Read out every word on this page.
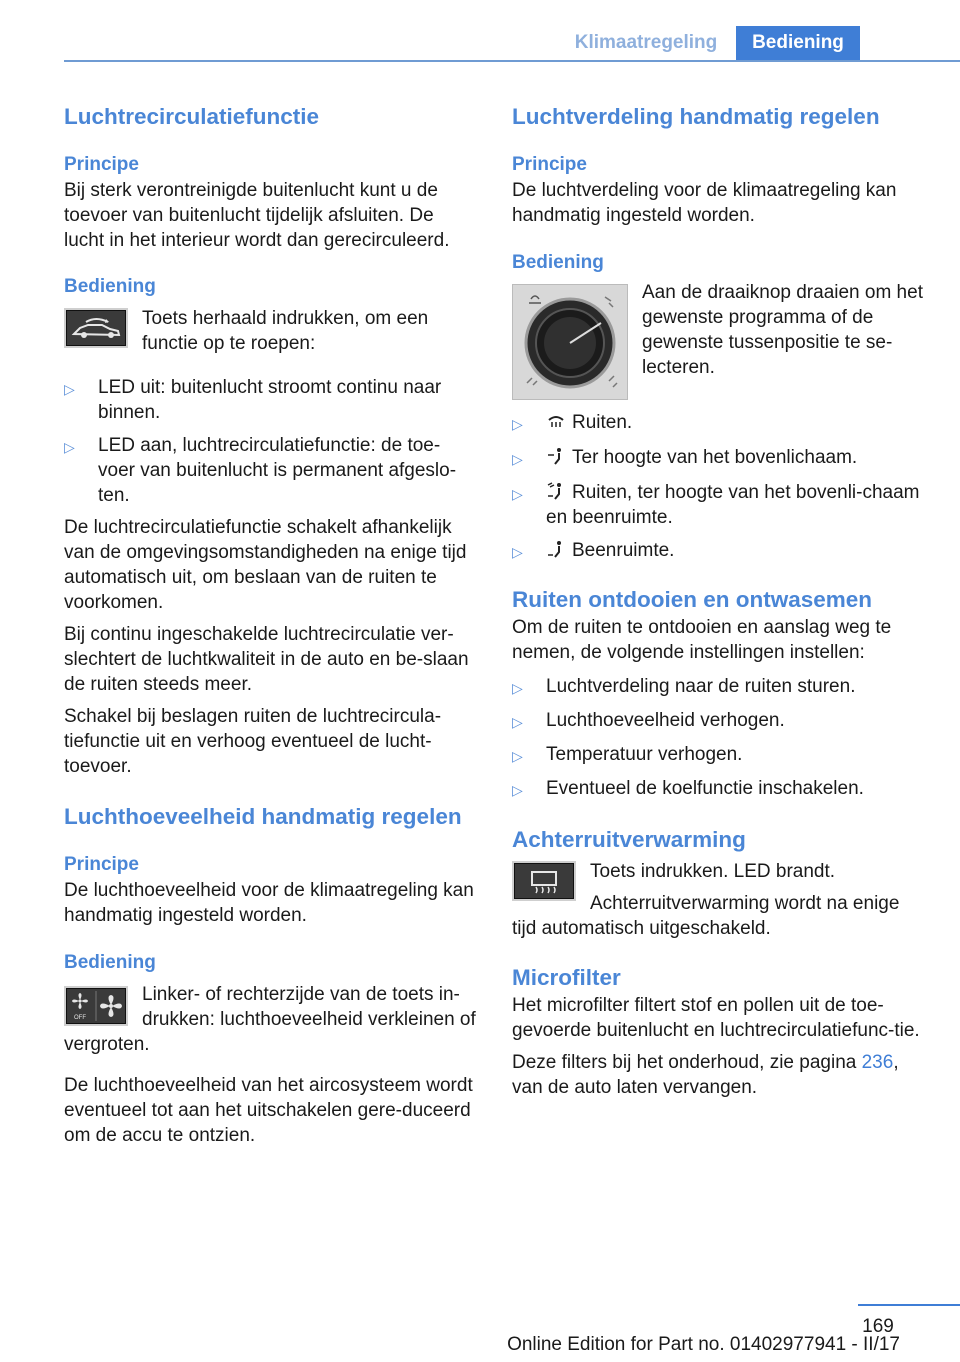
Klimaatregeling	Bediening
Luchtrecirculatiefunctie
Principe

Bij sterk verontreinigde buitenlucht kunt u de toevoer van buitenlucht tijdelijk afsluiten. De lucht in het interieur wordt dan gerecirculeerd.

Bediening

Toets herhaald indrukken, om een functie op te roepen:

▷	LED uit: buitenlucht stroomt continu naar binnen.
▷	LED aan, luchtrecirculatiefunctie: de toe-voer van buitenlucht is permanent afgeslo-ten.

De luchtrecirculatiefunctie schakelt afhankelijk van de omgevingsomstandigheden na enige tijd automatisch uit, om beslaan van de ruiten te voorkomen.

Bij continu ingeschakelde luchtrecirculatie ver-slechtert de luchtkwaliteit in de auto en be-slaan de ruiten steeds meer.

Schakel bij beslagen ruiten de luchtrecircula-tiefunctie uit en verhoog eventueel de lucht-toevoer.

Luchthoeveelheid handmatig regelen
Principe

De luchthoeveelheid voor de klimaatregeling kan handmatig ingesteld worden.

Bediening
OFF

Linker- of rechterzijde van de toets in-drukken: luchthoeveelheid verkleinen of vergroten.

De luchthoeveelheid van het aircosysteem wordt eventueel tot aan het uitschakelen gere-duceerd om de accu te ontzien.

Luchtverdeling handmatig regelen
Principe

De luchtverdeling voor de klimaatregeling kan handmatig ingesteld worden.

Bediening

Aan de draaiknop draaien om het gewenste programma of de gewenste tussenpositie te se-lecteren.

▷	Ruiten.
▷	Ter hoogte van het bovenlichaam.
▷	Ruiten, ter hoogte van het bovenli-chaam en beenruimte.
▷	Beenruimte.
Ruiten ontdooien en ontwasemen

Om de ruiten te ontdooien en aanslag weg te nemen, de volgende instellingen instellen:

▷	Luchtverdeling naar de ruiten sturen.
▷	Luchthoeveelheid verhogen.
▷	Temperatuur verhogen.
▷	Eventueel de koelfunctie inschakelen.
Achterruitverwarming

Toets indrukken. LED brandt.

Achterruitverwarming wordt na enige tijd automatisch uitgeschakeld.

Microfilter

Het microfilter filtert stof en pollen uit de toe-gevoerde buitenlucht en luchtrecirculatiefunc-tie.

Deze filters bij het onderhoud, zie pagina 236,
van de auto laten vervangen.

169
Online Edition for Part no. 01402977941 - II/17
